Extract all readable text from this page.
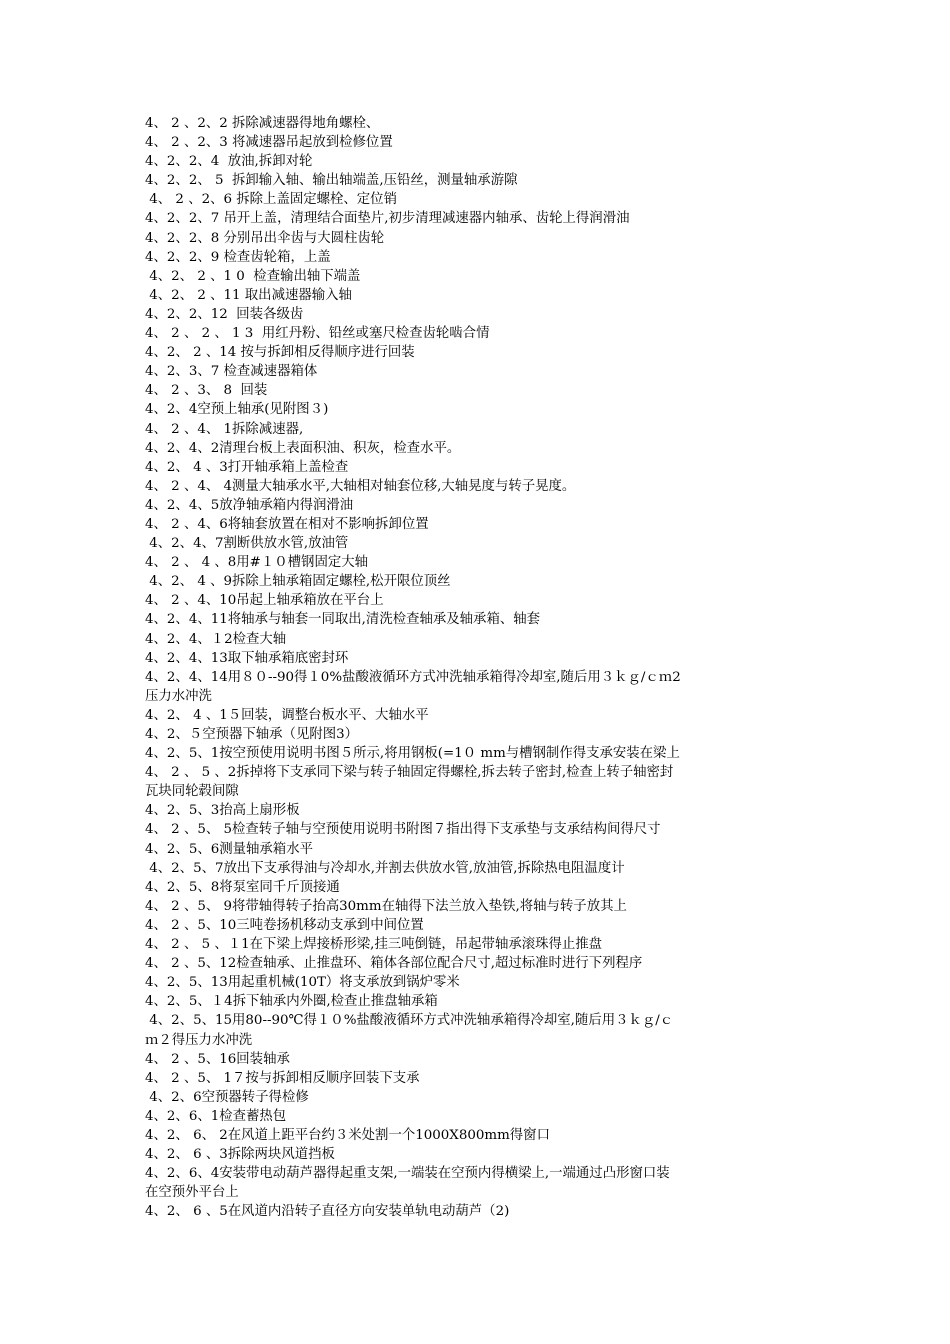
4、 2 、2、2 拆除减速器得地角螺栓、
4、 2 、2、3 将减速器吊起放到检修位置
4、2、2、4  放油,拆卸对轮
4、2、2、 5  拆卸输入轴、输出轴端盖,压铅丝，测量轴承游隙
4、 2 、2、6 拆除上盖固定螺栓、定位销
4、2、2、7 吊开上盖，清理结合面垫片,初步清理减速器内轴承、齿轮上得润滑油
4、2、2、8 分别吊出伞齿与大圆柱齿轮
4、2、2、9 检查齿轮箱，上盖
4、2、 2 、1 0  检查输出轴下端盖
4、2、 2 、11 取出减速器输入轴
4、2、2、12  回装各级齿
4、 2 、 2 、 1 3  用红丹粉、铅丝或塞尺检查齿轮啮合情
4、2、 2 、14 按与拆卸相反得顺序进行回装
4、2、3、7 检查减速器箱体
4、 2 、3、 8  回装
4、2、4空预上轴承(见附图３)
4、 2 、4、 1拆除减速器,
4、2、4、2清理台板上表面积油、积灰，检查水平。
4、2、 4 、3打开轴承箱上盖检查
4、 2 、4、 4测量大轴承水平,大轴相对轴套位移,大轴晃度与转子晃度。
4、2、4、5放净轴承箱内得润滑油
4、 2 、4、6将轴套放置在相对不影响拆卸位置
4、2、4、7割断供放水管,放油管
4、 2 、 4 、8用#１０槽钢固定大轴
4、2、 4 、9拆除上轴承箱固定螺栓,松开限位顶丝
4、 2 、4、10吊起上轴承箱放在平台上
4、2、4、11将轴承与轴套一同取出,清洗检查轴承及轴承箱、轴套
4、2、4、１2检查大轴
4、2、4、13取下轴承箱底密封环
4、2、4、14用８０--90得１0%盐酸液循环方式冲洗轴承箱得冷却室,随后用３ｋｇ/ｃｍ2
压力水冲洗
4、2、 4 、1５回装，调整台板水平、大轴水平
4、2、５空预器下轴承（见附图3）
4、2、5、1按空预使用说明书图５所示,将用钢板(=1０ mm与槽钢制作得支承安装在梁上
4、 2 、 5 、2拆掉将下支承同下梁与转子轴固定得螺栓,拆去转子密封,检查上转子轴密封
瓦块同轮毂间隙
4、2、5、3抬高上扇形板
4、 2 、5、 5检查转子轴与空预使用说明书附图７指出得下支承垫与支承结构间得尺寸
4、2、5、6测量轴承箱水平
4、2、5、7放出下支承得油与冷却水,并割去供放水管,放油管,拆除热电阻温度计
4、2、5、8将泵室同千斤顶接通
4、 2 、5、 9将带轴得转子抬高30mm在轴得下法兰放入垫铁,将轴与转子放其上
4、 2 、5、10三吨卷扬机移动支承到中间位置
4、 2 、 5 、１1在下梁上焊接桥形梁,挂三吨倒链，吊起带轴承滚珠得止推盘
4、 2 、5、12检查轴承、止推盘环、箱体各部位配合尺寸,超过标准时进行下列程序
4、2、5、13用起重机械(10T）将支承放到锅炉零米
4、2、5、１4拆下轴承内外圈,检查止推盘轴承箱
4、2、5、15用80--90℃得１０%盐酸液循环方式冲洗轴承箱得冷却室,随后用３ｋｇ/ｃ
ｍ２得压力水冲洗
4、 2 、5、16回装轴承
4、 2 、5、 1７按与拆卸相反顺序回装下支承
4、2、6空预器转子得检修
4、2、6、1检查蓄热包
4、2、 6、 2在风道上距平台约３米处割一个1000X800mm得窗口
4、2、 6 、3拆除两块风道挡板
4、2、6、4安装带电动葫芦器得起重支架,一端装在空预内得横梁上,一端通过凸形窗口装
在空预外平台上
4、2、 6 、5在风道内沿转子直径方向安装单轨电动葫芦（2)
